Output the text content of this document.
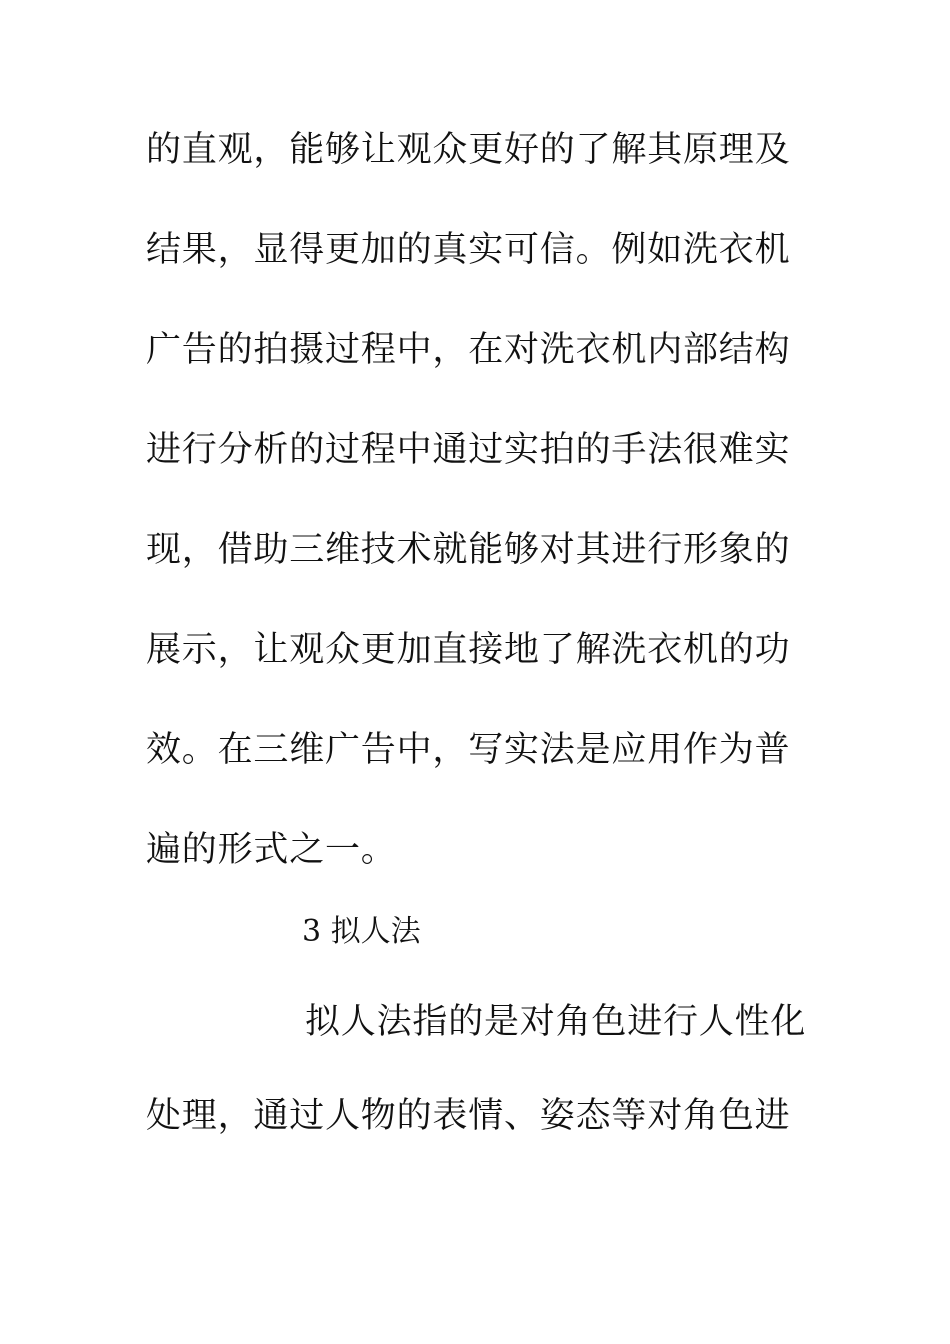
的直观，能够让观众更好的了解其原理及
结果，显得更加的真实可信。例如洗衣机
广告的拍摄过程中，在对洗衣机内部结构
进行分析的过程中通过实拍的手法很难实
现，借助三维技术就能够对其进行形象的
展示，让观众更加直接地了解洗衣机的功
效。在三维广告中，写实法是应用作为普
遍的形式之一。
3 拟人法
拟人法指的是对角色进行人性化
处理，通过人物的表情、姿态等对角色进
